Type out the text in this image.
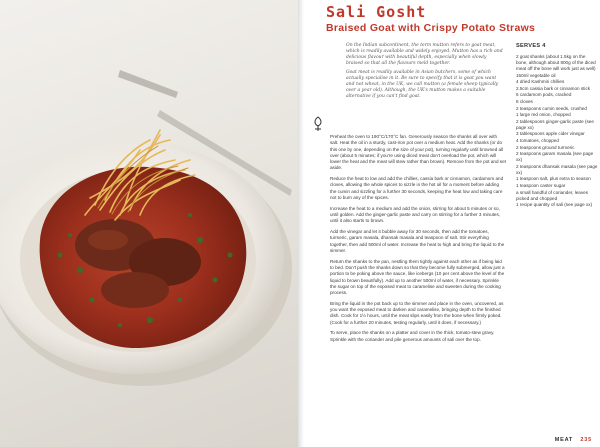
Sali Gosht
Braised Goat with Crispy Potato Straws

On the Indian subcontinent, the term mutton refers to goat meat, which is readily available and widely enjoyed. Mutton has a rich and delicious flavour with beautiful depth, especially when slowly braised so that all the flavours meld together.

Goat meat is readily available in Asian butchers, some of which actually specialise in it. Be sure to specify that it is goat you want and not wheat, in the UK, we call mutton (a female sheep typically over a year old). Although, the UK's mutton makes a suitable alternative if you can't find goat.

Preheat the oven to 190°C/170°C fan. Generously season the shanks all over with salt. Heat the oil in a sturdy, cast-iron pot over a medium heat. Add the shanks (or do this one by one, depending on the size of your pot), turning regularly until browned all over (about 5 minutes; if you're using diced meat don't overload the pot, which will lower the heat and the meat will stew rather than brown). Remove from the pot and set aside.

Reduce the heat to low and add the chillies, cassia bark or cinnamon, cardamom and cloves, allowing the whole spices to sizzle in the hot oil for a moment before adding the cumin and sizzling for a further 30 seconds, keeping the heat low and taking care not to burn any of the spices.

Increase the heat to a medium and add the onion, stirring for about 5 minutes or so, until golden. Add the ginger-garlic paste and carry on stirring for a further 3 minutes, until it also starts to brown.

Add the vinegar and let it bubble away for 30 seconds, then add the tomatoes, turmeric, garam masala, dhansak masala and teaspoon of salt. Stir everything together, then add 500ml of water. Increase the heat to high and bring the liquid to the simmer.

Return the shanks to the pan, nestling them tightly against each other as if being laid to bed. Don't push the shanks down so that they become fully submerged, allow just a portion to be poking above the sauce, like icebergs (10 per cent above the level of the liquid to brown beautifully). Add up to another 500ml of water, if necessary. Sprinkle the sugar on top of the exposed meat to caramelise and sweeten during the cooking process.

Bring the liquid in the pot back up to the simmer and place in the oven, uncovered, as you want the exposed meat to darken and caramelise, bringing depth to the finished dish. Cook for 1½ hours, until the meat slips easily from the bone when firmly poked. (Cook for a further 20 minutes, testing regularly, until it does, if necessary.)

To serve, place the shanks on a platter and cover in the thick, tomato-stew gravy. Sprinkle with the coriander and pile generous amounts of sali over the top.

SERVES 4

2 goat shanks (about 1.5kg on the bone, although about 800g of the diced meat off the bone will work just as well)
150ml vegetable oil
4 dried Kashmiri chillies
2.5cm cassia bark or cinnamon stick
6 cardamom pods, cracked
8 cloves
2 teaspoons cumin seeds, crushed
1 large red onion, chopped
2 tablespoons ginger-garlic paste (see page xx)
3 tablespoons apple cider vinegar
4 tomatoes, chopped
2 teaspoons ground turmeric
2 teaspoons garam masala (see page xx)
2 teaspoons dhansak masala (see page xx)
1 teaspoon salt, plus extra to season
1 teaspoon caster sugar
a small handful of coriander, leaves picked and chopped
1 recipe quantity of sali (see page xx)
MEAT 235
